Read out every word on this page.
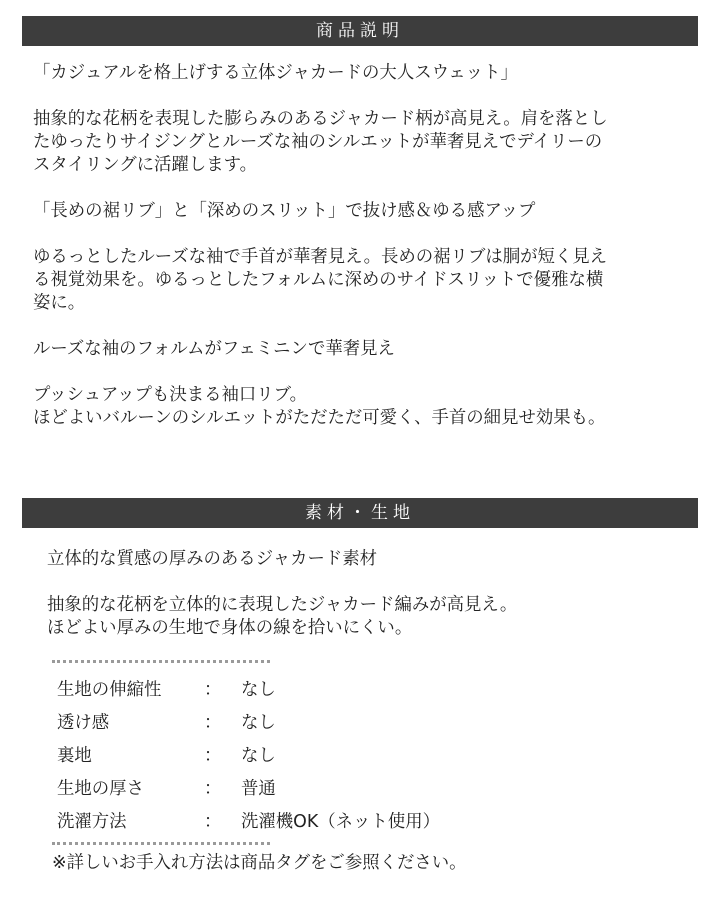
商品説明

「カジュアルを格上げする立体ジャカードの大人スウェット」

抽象的な花柄を表現した膨らみのあるジャカード柄が高見え。肩を落とし
たゆったりサイジングとルーズな袖のシルエットが華奢見えでデイリーの
スタイリングに活躍します。

「長めの裾リブ」と「深めのスリット」で抜け感＆ゆる感アップ

ゆるっとしたルーズな袖で手首が華奢見え。長めの裾リブは胴が短く見え
る視覚効果を。ゆるっとしたフォルムに深めのサイドスリットで優雅な横
姿に。

ルーズな袖のフォルムがフェミニンで華奢見え

プッシュアップも決まる袖口リブ。
ほどよいバルーンのシルエットがただただ可愛く、手首の細見せ効果も。

素材・生地

立体的な質感の厚みのあるジャカード素材

抽象的な花柄を立体的に表現したジャカード編みが高見え。
ほどよい厚みの生地で身体の線を拾いにくい。

生地の伸縮性 ： なし
透け感	： なし
裏地	： なし
生地の厚さ	： 普通
洗濯方法	： 洗濯機OK（ネット使用）
※詳しいお手入れ方法は商品タグをご参照ください。
